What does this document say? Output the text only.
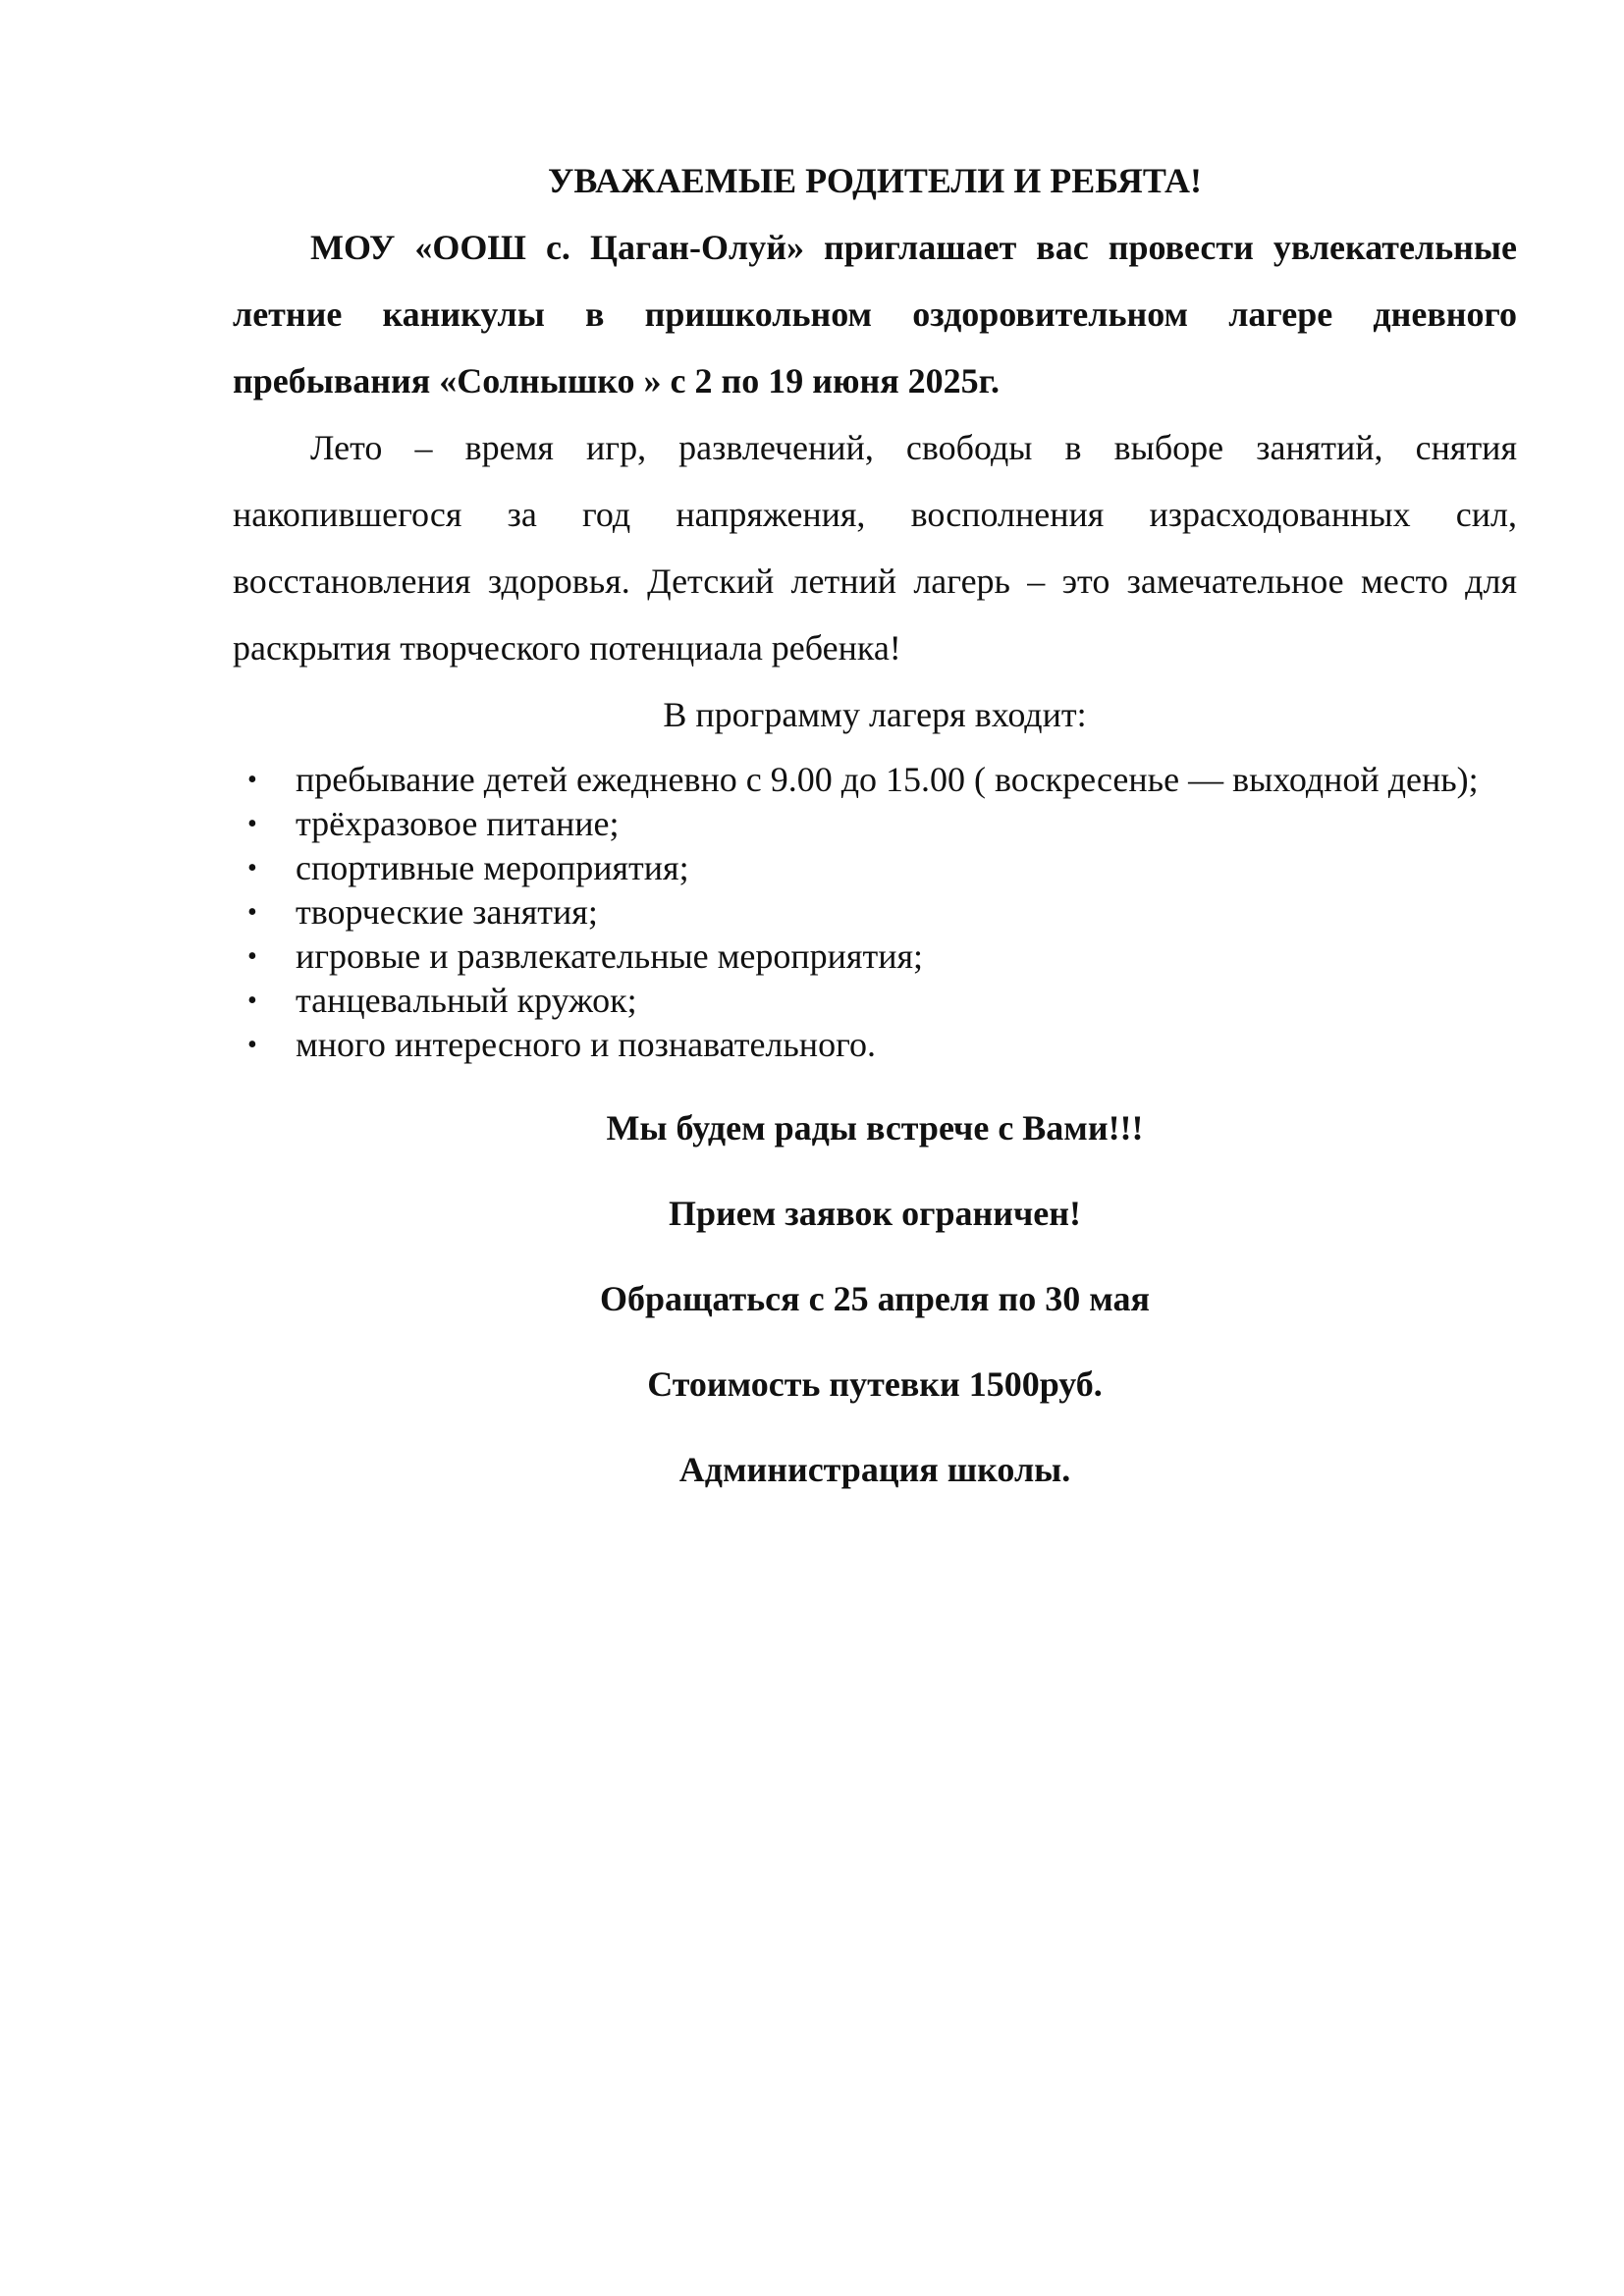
УВАЖАЕМЫЕ РОДИТЕЛИ И РЕБЯТА!

МОУ «ООШ с. Цаган-Олуй» приглашает вас провести увлекательные летние каникулы в пришкольном оздоровительном лагере дневного пребывания «Солнышко » с 2 по 19 июня 2025г.

Лето – время игр, развлечений, свободы в выборе занятий, снятия накопившегося за год напряжения, восполнения израсходованных сил, восстановления здоровья. Детский летний лагерь – это замечательное место для раскрытия творческого потенциала ребенка!

В программу лагеря входит:

• пребывание детей ежедневно с 9.00 до 15.00 ( воскресенье — выходной день);
• трёхразовое питание;
• спортивные мероприятия;
• творческие занятия;
• игровые и развлекательные мероприятия;
• танцевальный кружок;
• много интересного и познавательного.

Мы будем рады встрече с Вами!!!

Прием заявок ограничен!

Обращаться с 25 апреля по 30 мая

Стоимость путевки 1500руб.

Администрация школы.
